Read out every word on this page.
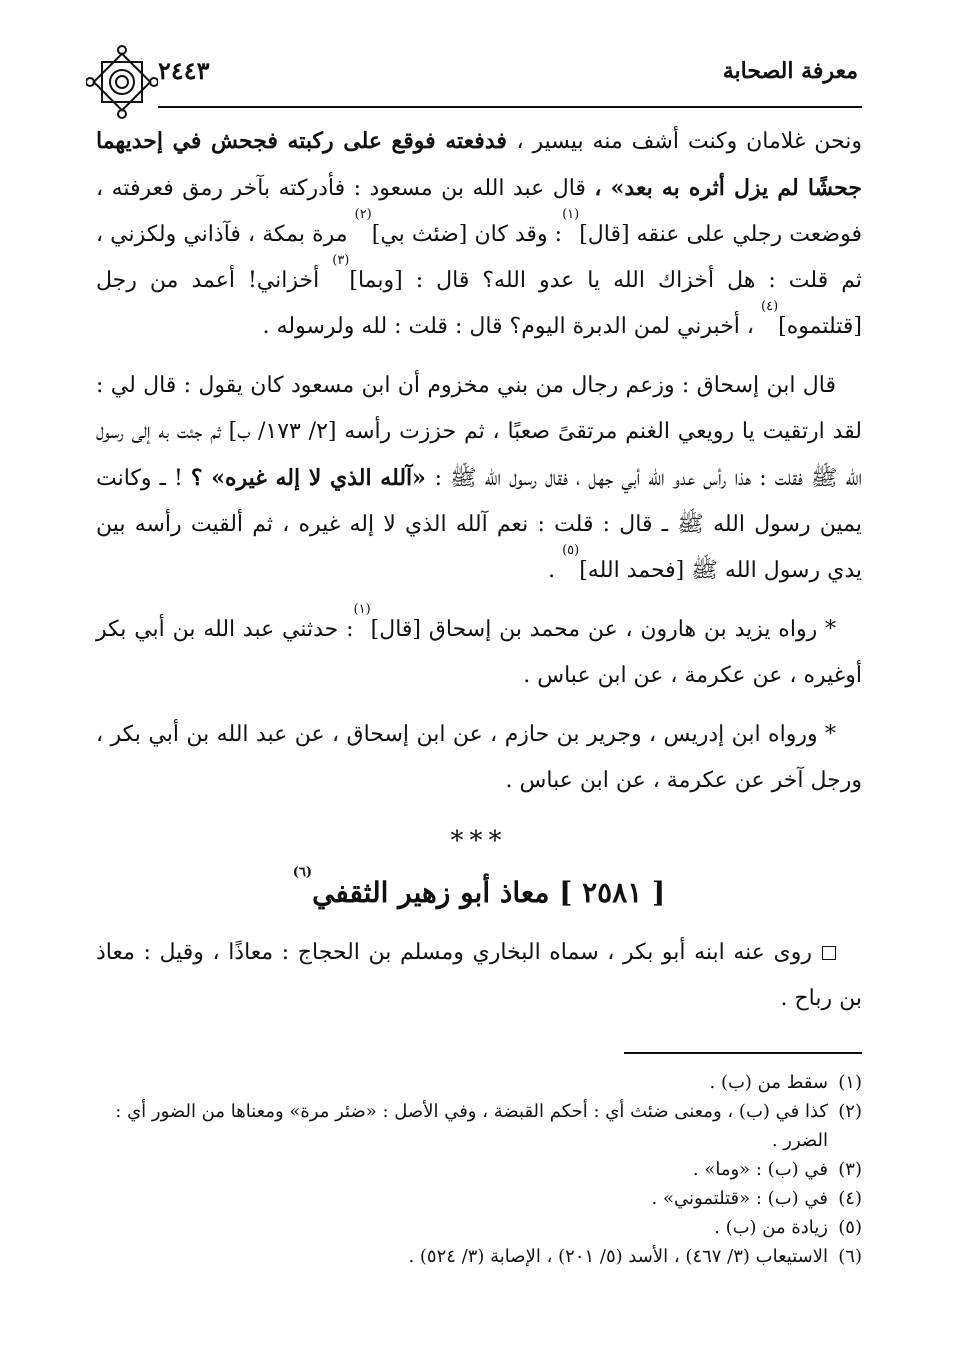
معرفة الصحابة
٢٤٤٣

ونحن غلامان وكنت أشف منه بيسير ، فدفعته فوقع على ركبته فجحش في إحديهما جحشًا لم يزل أثره به بعد» ، قال عبد الله بن مسعود : فأدركته بآخر رمق فعرفته ، فوضعت رجلي على عنقه [قال]$^{(١)}$: وقد كان [ضئث بي]$^{(٢)}$ مرة بمكة ، فآذاني ولكزني ، ثم قلت : هل أخزاك الله يا عدو الله؟ قال : [وبما]$^{(٣)}$ أخزاني! أعمد من رجل [قتلتموه]$^{(٤)}$ ، أخبرني لمن الدبرة اليوم؟ قال : قلت : لله ولرسوله .

قال ابن إسحاق : وزعم رجال من بني مخزوم أن ابن مسعود كان يقول : قال لي : لقد ارتقيت يا رويعي الغنم مرتقىً صعبًا ، ثم حززت رأسه [٢/ ١٧٣/ ب] ثم جئت به إلى رسول الله ﷺ فقلت : هذا رأس عدو الله أبي جهل ، فقال رسول الله ﷺ : «آلله الذي لا إله غيره» ؟ ! ـ وكانت يمين رسول الله ﷺ ـ قال : قلت : نعم آلله الذي لا إله غيره ، ثم ألقيت رأسه بين يدي رسول الله ﷺ [فحمد الله]$^{(٥)}$ .

* رواه يزيد بن هارون ، عن محمد بن إسحاق [قال]$^{(١)}$: حدثني عبد الله بن أبي بكر أوغيره ، عن عكرمة ، عن ابن عباس .

* ورواه ابن إدريس ، وجرير بن حازم ، عن ابن إسحاق ، عن عبد الله بن أبي بكر ، ورجل آخر عن عكرمة ، عن ابن عباس .

***
[ ٢٥٨١ ] معاذ أبو زهير الثقفي$^{(٦)}$

روى عنه ابنه أبو بكر ، سماه البخاري ومسلم بن الحجاج : معاذًا ، وقيل : معاذ بن رباح .

(١)
سقط من (ب) .
(٢)
كذا في (ب) ، ومعنى ضئث أي : أحكم القبضة ، وفي الأصل : «ضئر مرة» ومعناها من الضور أي : الضرر .
(٣)
في (ب) : «وما» .
(٤)
في (ب) : «قتلتموني» .
(٥)
زيادة من (ب) .
(٦)
الاستيعاب (٣/ ٤٦٧) ، الأسد (٥/ ٢٠١) ، الإصابة (٣/ ٥٢٤) .
